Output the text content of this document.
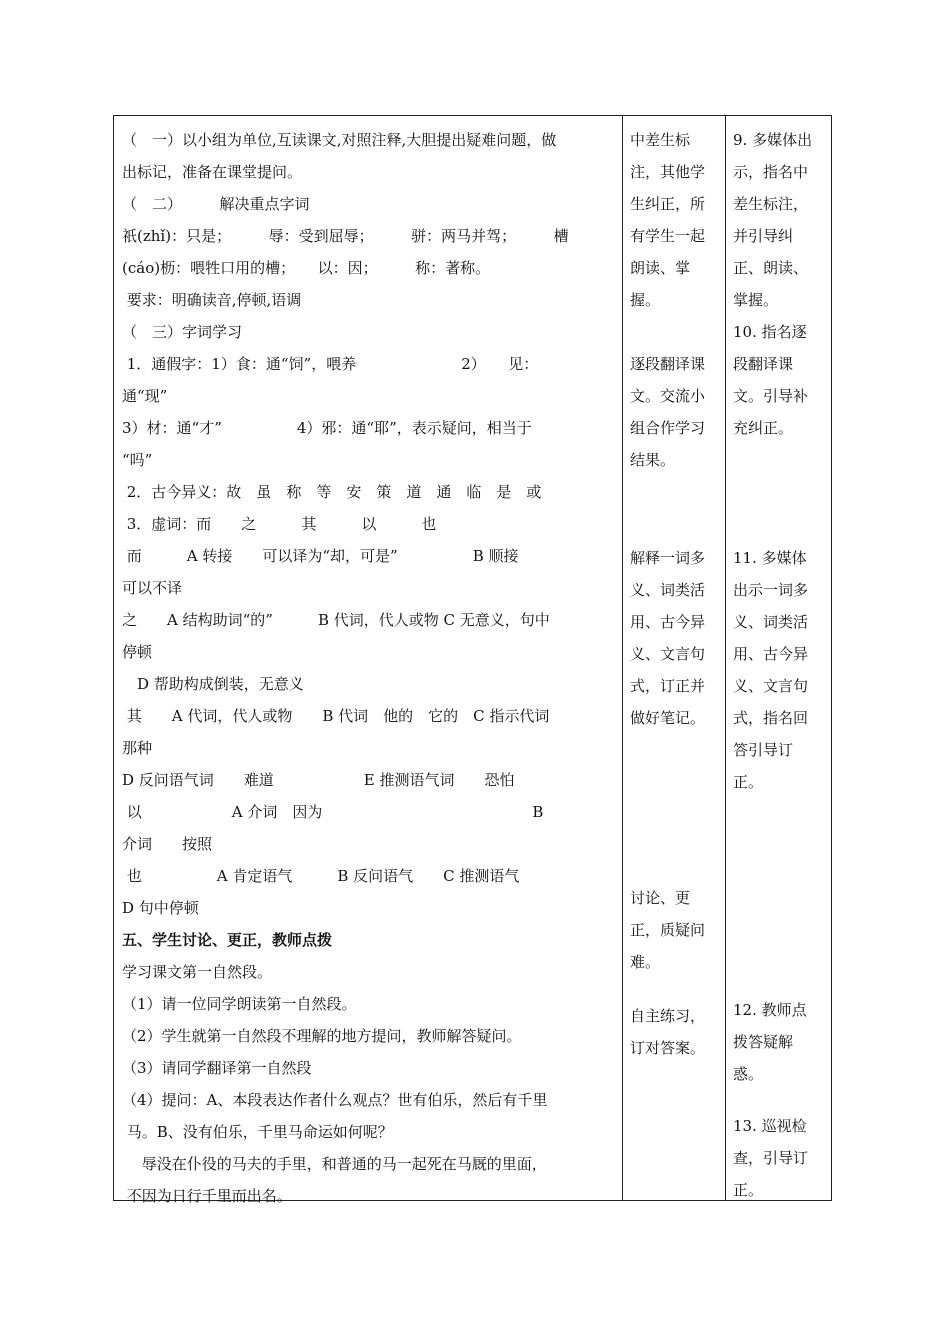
（　一）以小组为单位,互读课文,对照注释,大胆提出疑难问题，做
出标记，准备在课堂提问。
（　二）　　　解决重点字词
祇(zhǐ)：只是；　　　辱：受到屈辱；　　　骈：两马并驾；　　　槽
(cáo)枥：喂牲口用的槽；　　以：因；　　　称：著称。
要求：明确读音,停顿,语调
（　三）字词学习
1．通假字：1）食：通“饲”，喂养　　　　　　　2）　　见：
通“现”
3）材：通“才”　　　　　4）邪：通“耶”，表示疑问，相当于
“吗”
2．古今异义：故　虽　称　等　安　策　道　通　临　是　或
3．虚词：而　　之　　　其　　　以　　　也
而　　　A 转接　　可以译为“却，可是”　　　　　B 顺接
可以不译
之　　A 结构助词“的”　　　B 代词，代人或物 C 无意义，句中
停顿
　D 帮助构成倒装，无意义
其　　A 代词，代人或物　　B 代词　他的　它的　C 指示代词
那种
D 反问语气词　　难道　　　　　　E 推测语气词　　恐怕
以　　　　　　A 介词　因为　　　　　　　　　　　　　　B
介词　　按照
也　　　　　A 肯定语气　　　B 反问语气　　C 推测语气
D 句中停顿
五、学生讨论、更正，教师点拨
学习课文第一自然段。
（1）请一位同学朗读第一自然段。
（2）学生就第一自然段不理解的地方提问，教师解答疑问。
（3）请同学翻译第一自然段
（4）提问：A、本段表达作者什么观点？世有伯乐，然后有千里
马。B、没有伯乐，千里马命运如何呢？
　 辱没在仆役的马夫的手里，和普通的马一起死在马厩的里面，
不因为日行千里而出名。
中差生标
注，其他学
生纠正，所
有学生一起
朗读、掌
握。
逐段翻译课
文。交流小
组合作学习
结果。
解释一词多
义、词类活
用、古今异
义、文言句
式，订正并
做好笔记。
讨论、更
正，质疑问
难。
自主练习，
订对答案。
9. 多媒体出
示，指名中
差生标注，
并引导纠
正、朗读、
掌握。
10. 指名逐
段翻译课
文。引导补
充纠正。
11. 多媒体
出示一词多
义、词类活
用、古今异
义、文言句
式，指名回
答引导订
正。
12. 教师点
拨答疑解
惑。
13. 巡视检
查，引导订
正。
